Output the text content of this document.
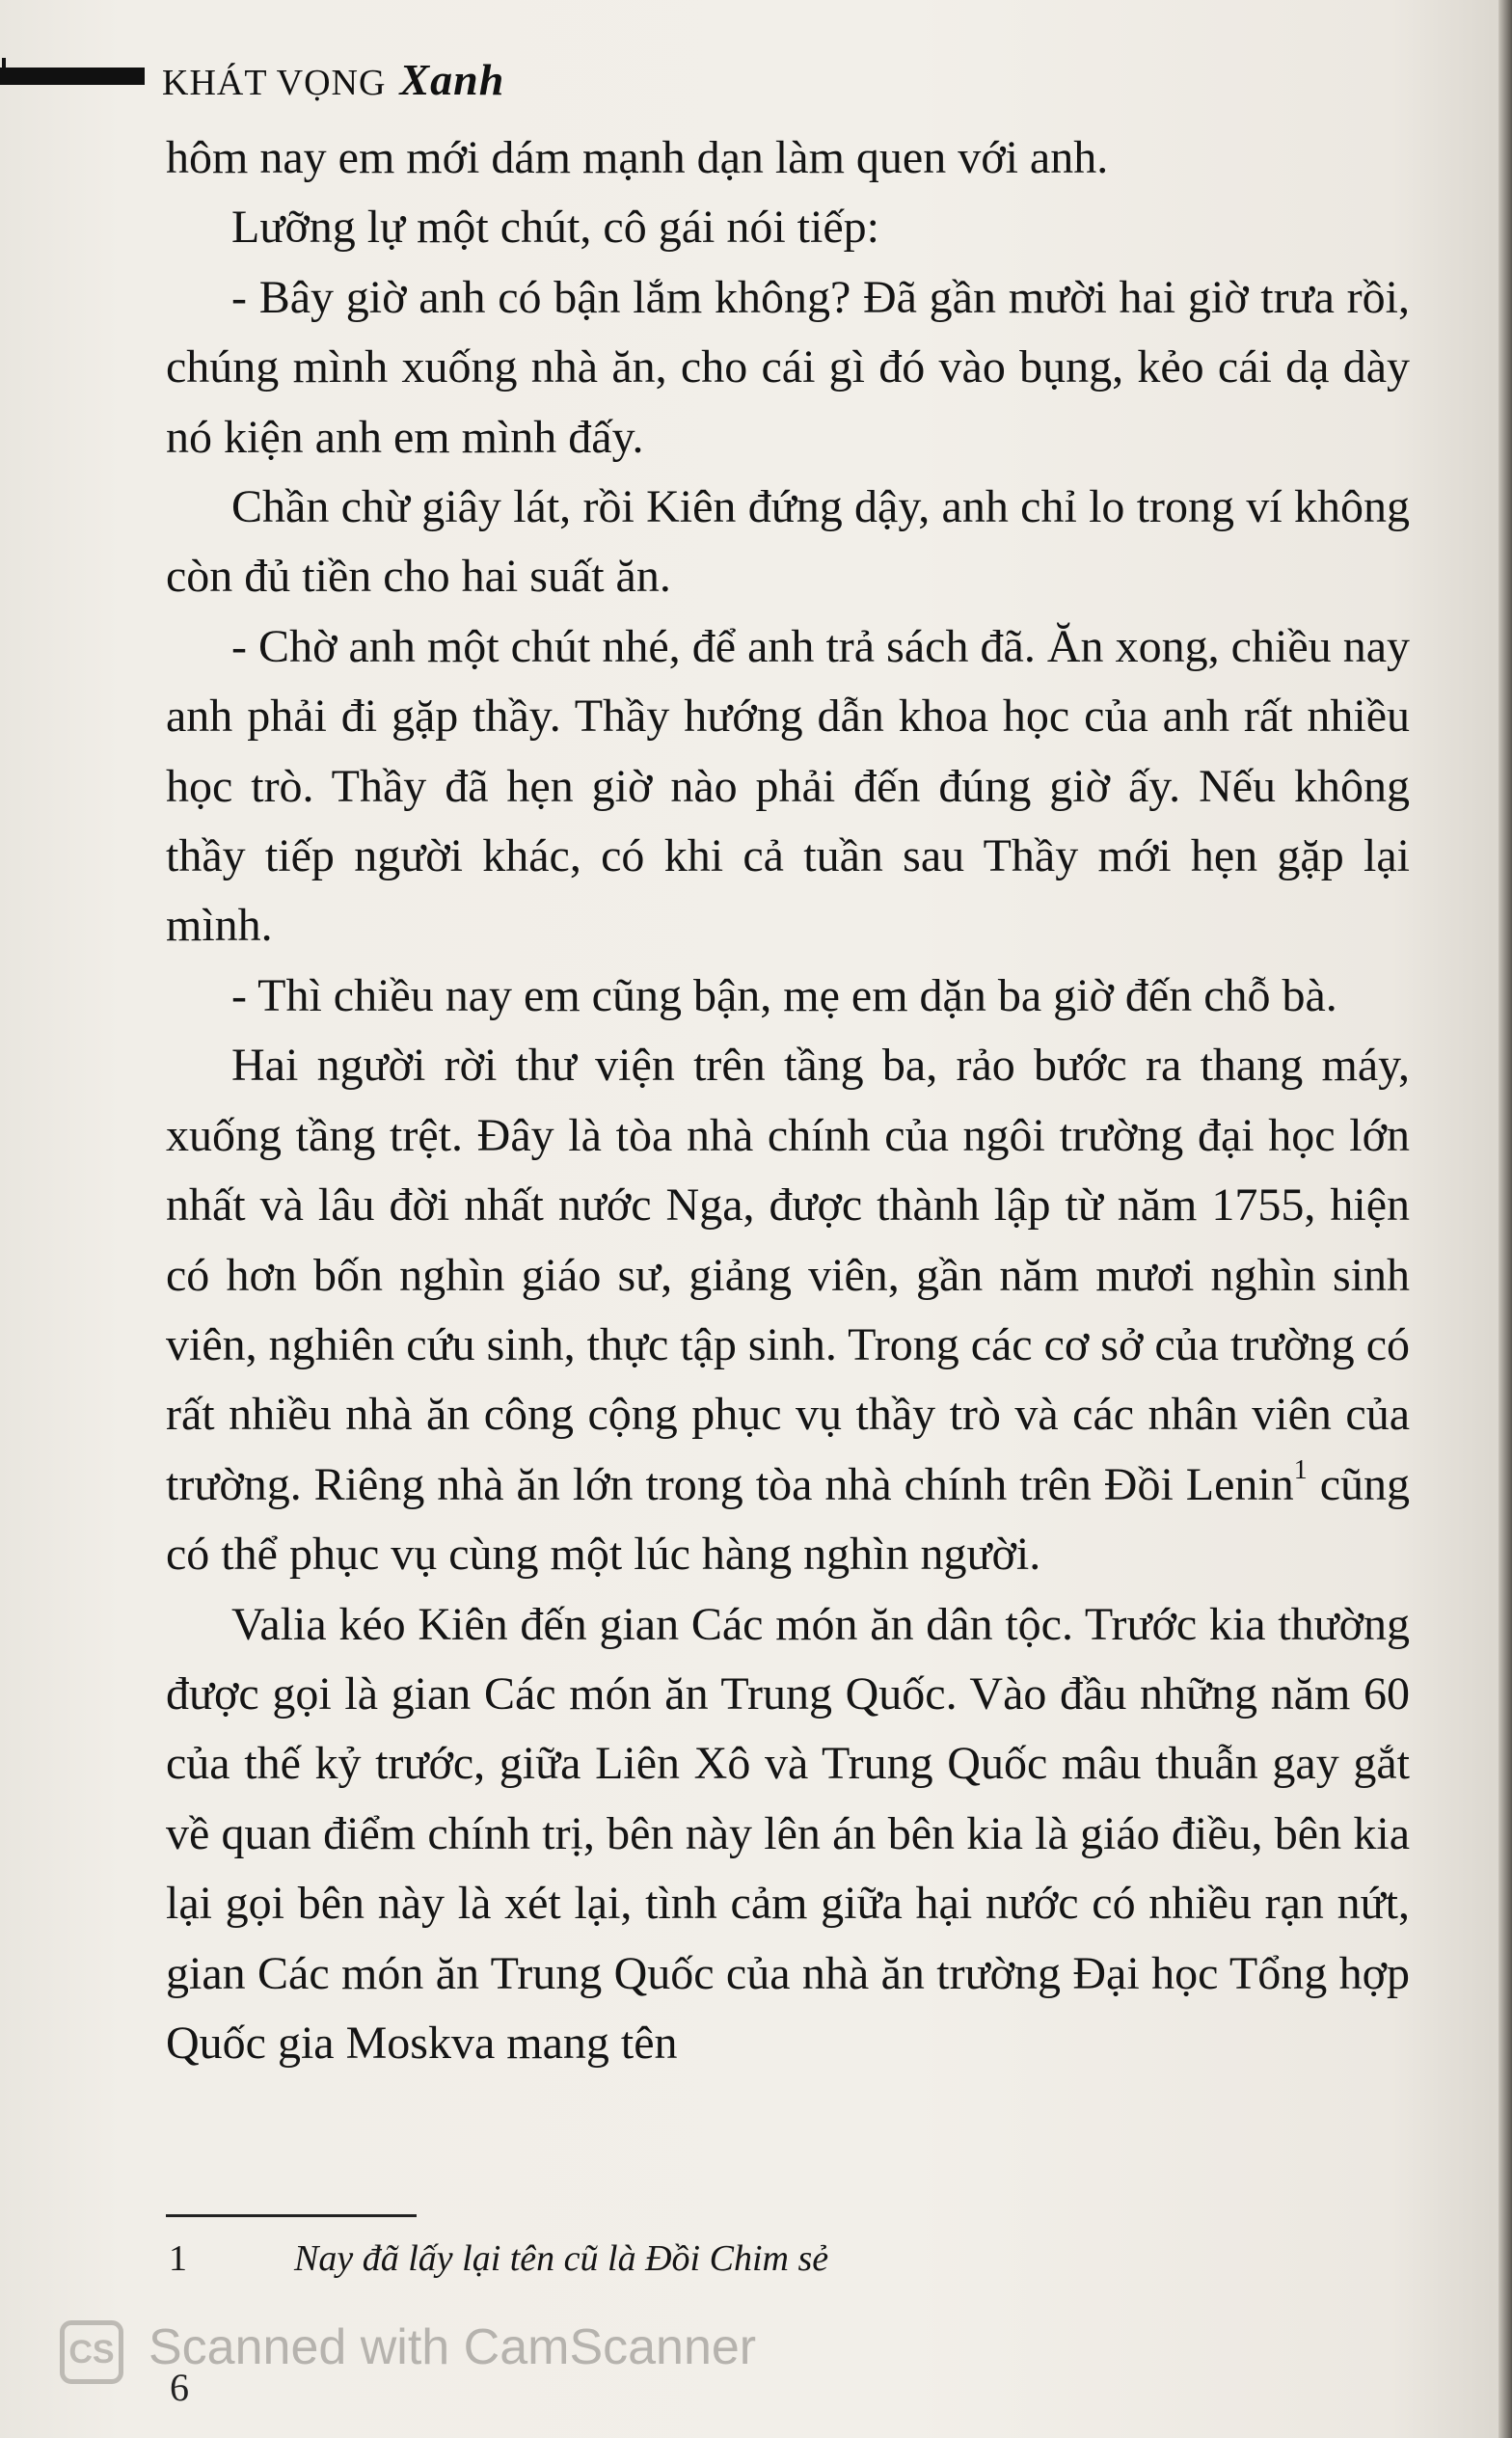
KHÁT VỌNG Xanh

hôm nay em mới dám mạnh dạn làm quen với anh.

Lưỡng lự một chút, cô gái nói tiếp:

- Bây giờ anh có bận lắm không? Đã gần mười hai giờ trưa rồi, chúng mình xuống nhà ăn, cho cái gì đó vào bụng, kẻo cái dạ dày nó kiện anh em mình đấy.

Chần chừ giây lát, rồi Kiên đứng dậy, anh chỉ lo trong ví không còn đủ tiền cho hai suất ăn.

- Chờ anh một chút nhé, để anh trả sách đã. Ăn xong, chiều nay anh phải đi gặp thầy. Thầy hướng dẫn khoa học của anh rất nhiều học trò. Thầy đã hẹn giờ nào phải đến đúng giờ ấy. Nếu không thầy tiếp người khác, có khi cả tuần sau Thầy mới hẹn gặp lại mình.

- Thì chiều nay em cũng bận, mẹ em dặn ba giờ đến chỗ bà.

Hai người rời thư viện trên tầng ba, rảo bước ra thang máy, xuống tầng trệt. Đây là tòa nhà chính của ngôi trường đại học lớn nhất và lâu đời nhất nước Nga, được thành lập từ năm 1755, hiện có hơn bốn nghìn giáo sư, giảng viên, gần năm mươi nghìn sinh viên, nghiên cứu sinh, thực tập sinh. Trong các cơ sở của trường có rất nhiều nhà ăn công cộng phục vụ thầy trò và các nhân viên của trường. Riêng nhà ăn lớn trong tòa nhà chính trên Đồi Lenin$^1$ cũng có thể phục vụ cùng một lúc hàng nghìn người.

Valia kéo Kiên đến gian Các món ăn dân tộc. Trước kia thường được gọi là gian Các món ăn Trung Quốc. Vào đầu những năm 60 của thế kỷ trước, giữa Liên Xô và Trung Quốc mâu thuẫn gay gắt về quan điểm chính trị, bên này lên án bên kia là giáo điều, bên kia lại gọi bên này là xét lại, tình cảm giữa hại nước có nhiều rạn nứt, gian Các món ăn Trung Quốc của nhà ăn trường Đại học Tổng hợp Quốc gia Moskva mang tên

1	Nay đã lấy lại tên cũ là Đồi Chim sẻ
CS Scanned with CamScanner
6
